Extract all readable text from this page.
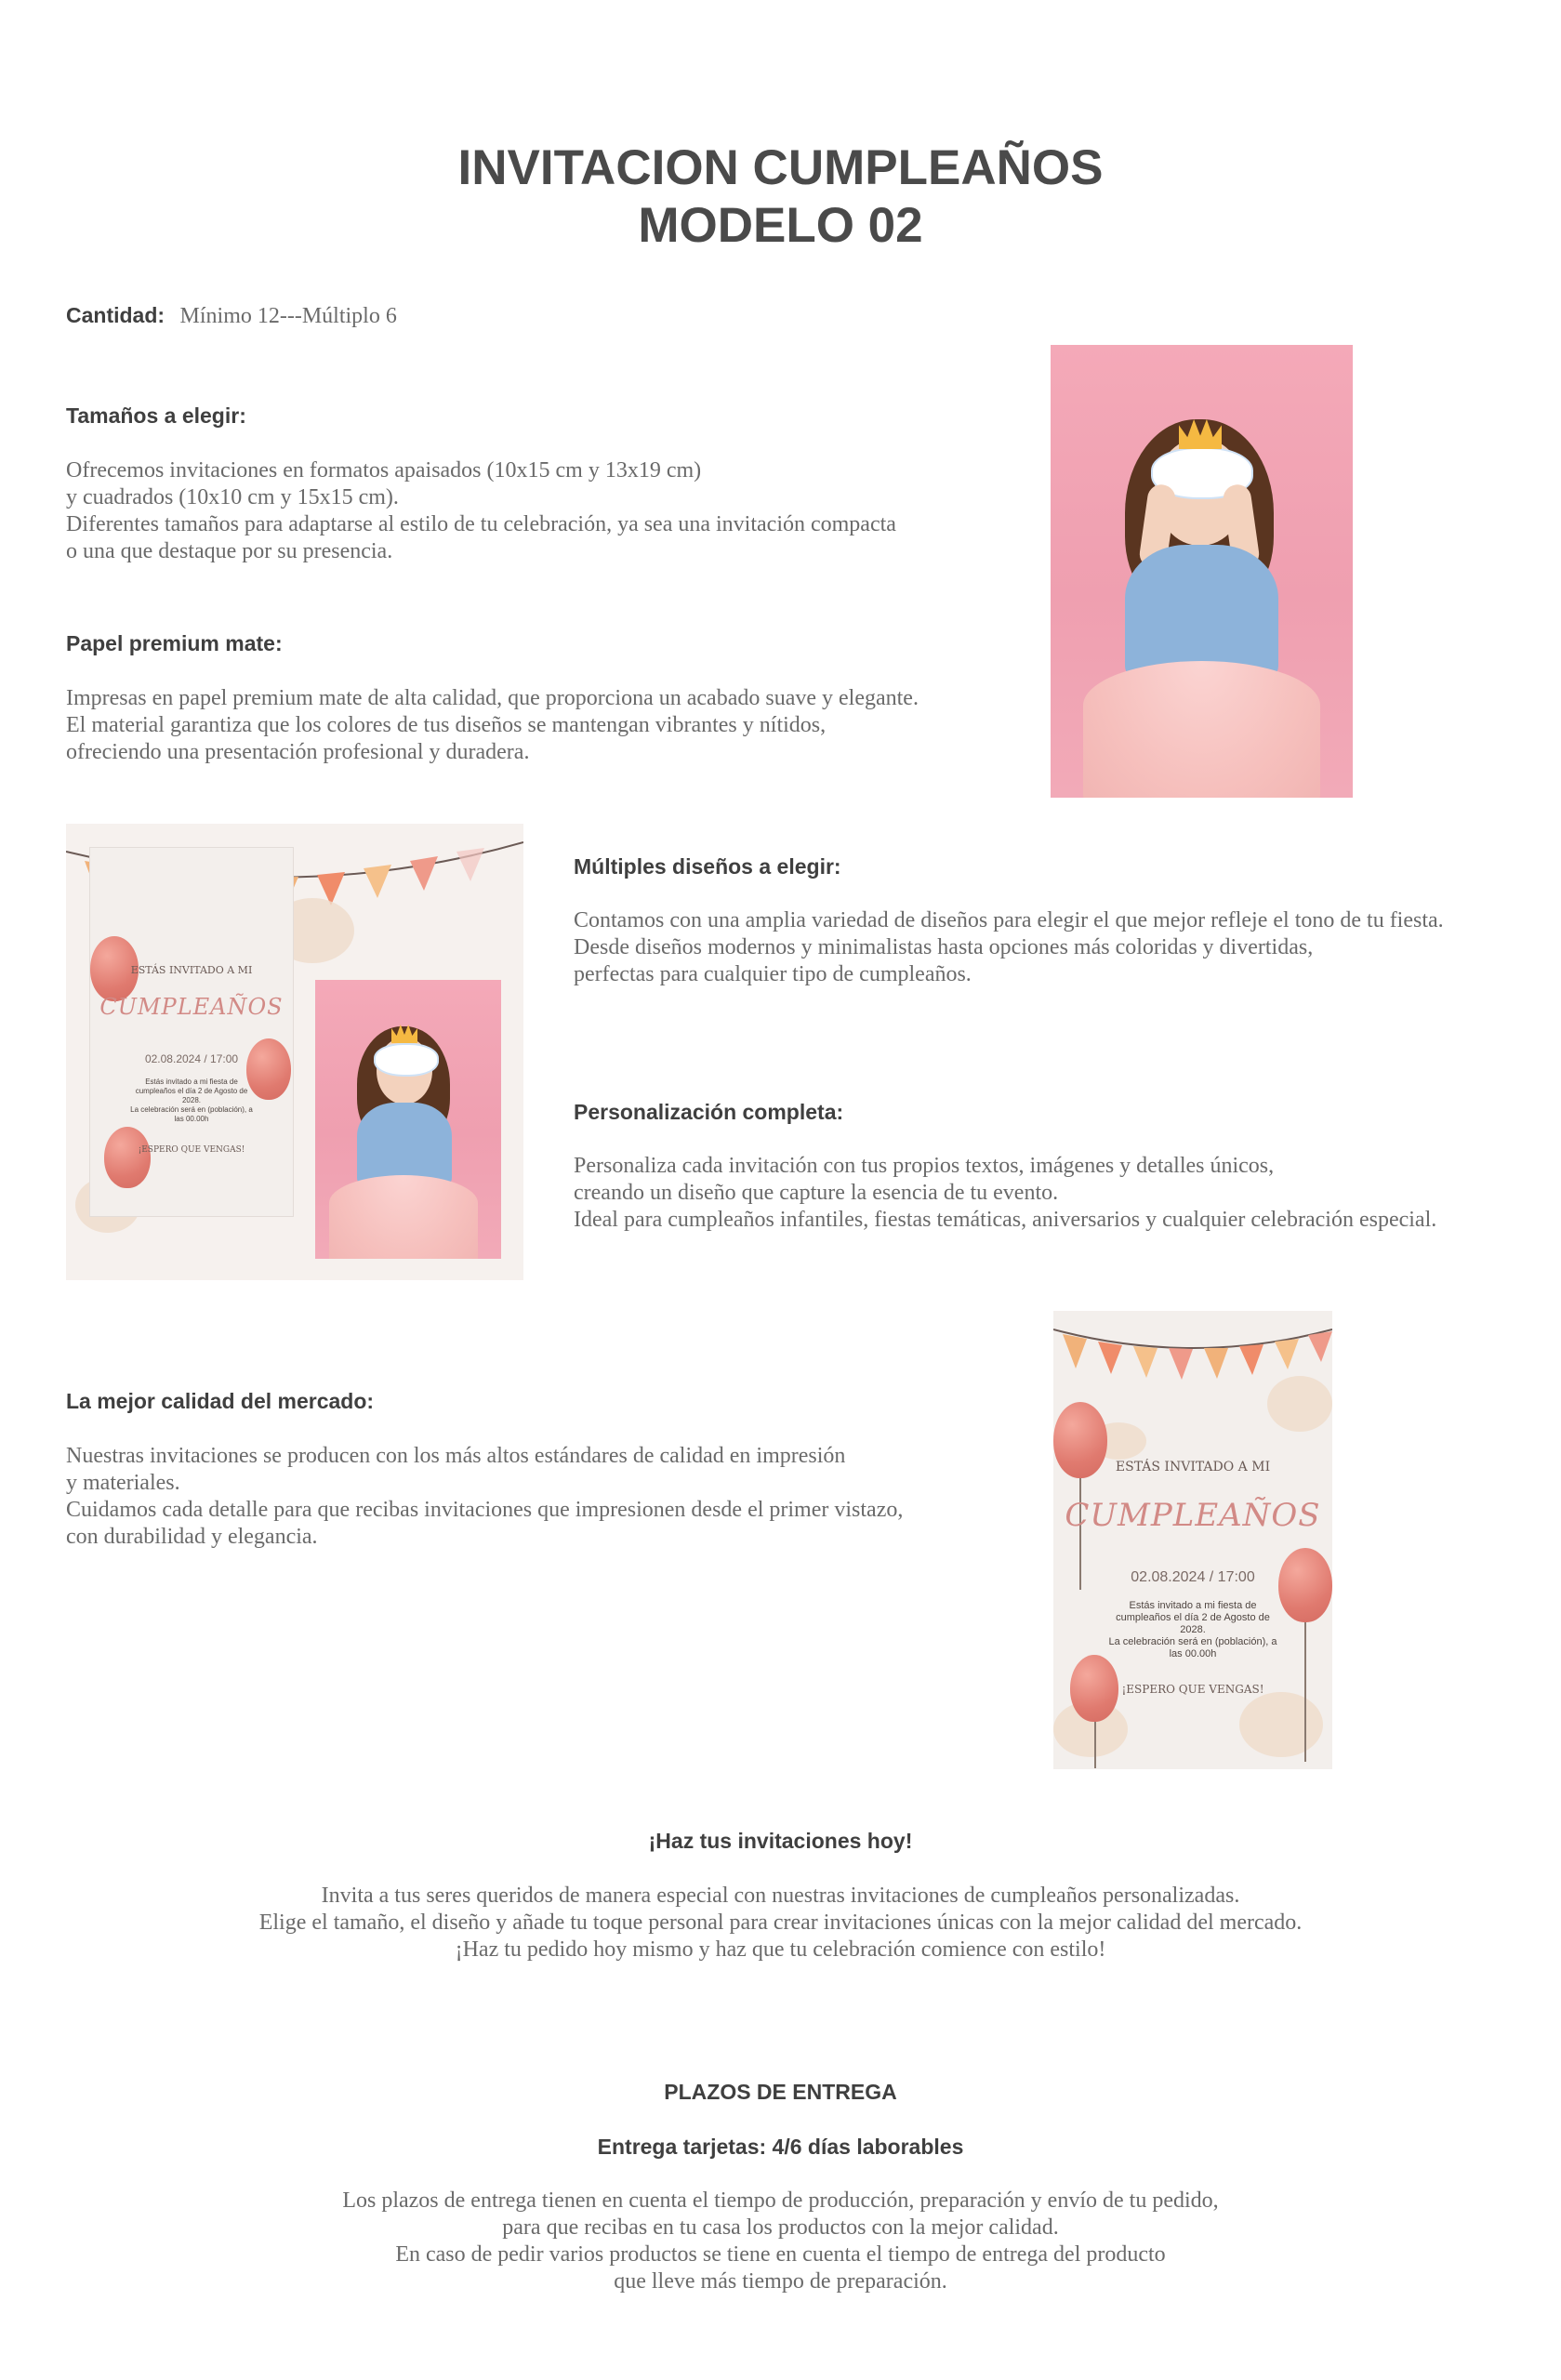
INVITACION CUMPLEAÑOS
MODELO 02
Cantidad: Mínimo 12---Múltiplo 6
Tamaños a elegir:
Ofrecemos invitaciones en formatos apaisados (10x15 cm y 13x19 cm)
y cuadrados (10x10 cm y 15x15 cm).
Diferentes tamaños para adaptarse al estilo de tu celebración, ya sea una invitación compacta
o una que destaque por su presencia.
Papel premium mate:
Impresas en papel premium mate de alta calidad, que proporciona un acabado suave y elegante.
El material garantiza que los colores de tus diseños se mantengan vibrantes y nítidos,
ofreciendo una presentación profesional y duradera.
ESTÁS INVITADO A MI
CUMPLEAÑOS
02.08.2024 / 17:00
Estás invitado a mi fiesta de
cumpleaños el día 2 de Agosto de
2028.
La celebración será en (población), a
las 00.00h
¡ESPERO QUE VENGAS!
Múltiples diseños a elegir:
Contamos con una amplia variedad de diseños para elegir el que mejor refleje el tono de tu fiesta.
Desde diseños modernos y minimalistas hasta opciones más coloridas y divertidas,
perfectas para cualquier tipo de cumpleaños.
Personalización completa:
Personaliza cada invitación con tus propios textos, imágenes y detalles únicos,
creando un diseño que capture la esencia de tu evento.
Ideal para cumpleaños infantiles, fiestas temáticas, aniversarios y cualquier celebración especial.
La mejor calidad del mercado:
Nuestras invitaciones se producen con los más altos estándares de calidad en impresión
y materiales.
Cuidamos cada detalle para que recibas invitaciones que impresionen desde el primer vistazo,
con durabilidad y elegancia.
ESTÁS INVITADO A MI
CUMPLEAÑOS
02.08.2024 / 17:00
Estás invitado a mi fiesta de
cumpleaños el día 2 de Agosto de
2028.
La celebración será en (población), a
las 00.00h
¡ESPERO QUE VENGAS!
¡Haz tus invitaciones hoy!
Invita a tus seres queridos de manera especial con nuestras invitaciones de cumpleaños personalizadas.
Elige el tamaño, el diseño y añade tu toque personal para crear invitaciones únicas con la mejor calidad del mercado.
¡Haz tu pedido hoy mismo y haz que tu celebración comience con estilo!
PLAZOS DE ENTREGA
Entrega tarjetas: 4/6 días laborables
Los plazos de entrega tienen en cuenta el tiempo de producción, preparación y envío de tu pedido,
para que recibas en tu casa los productos con la mejor calidad.
En caso de pedir varios productos se tiene en cuenta el tiempo de entrega del producto
que lleve más tiempo de preparación.
